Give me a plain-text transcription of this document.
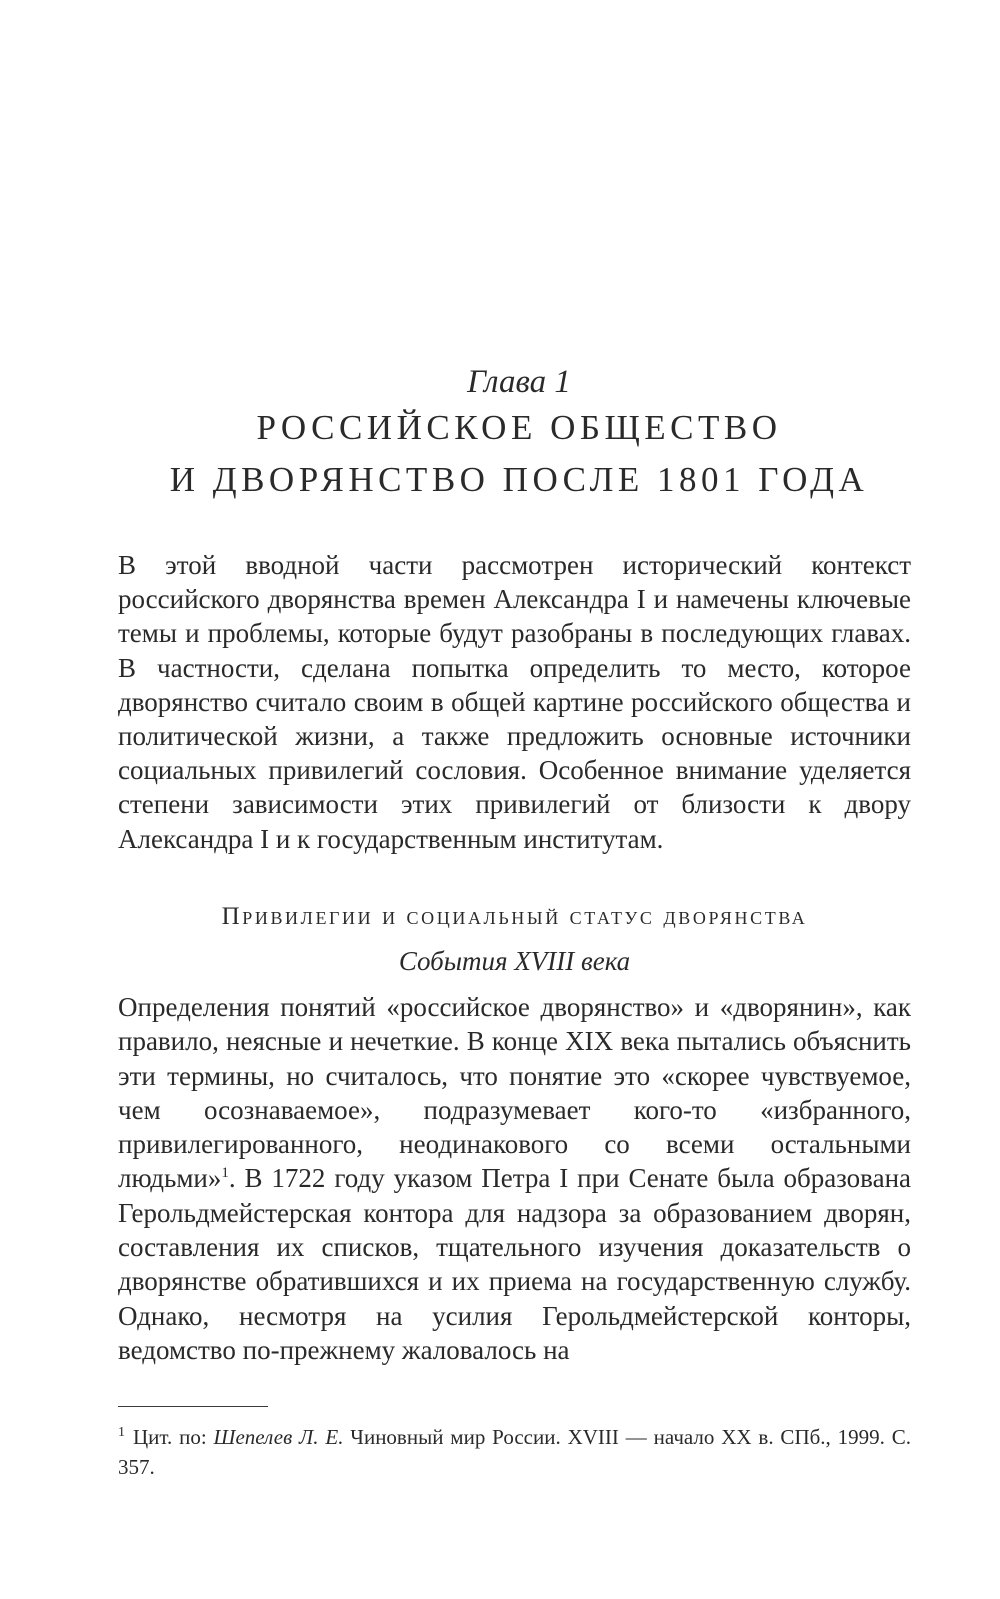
Глава 1
РОССИЙСКОЕ ОБЩЕСТВО
И ДВОРЯНСТВО ПОСЛЕ 1801 ГОДА

В этой вводной части рассмотрен исторический контекст российского дворянства времен Александра I и намечены ключевые темы и проблемы, которые будут разобраны в последующих главах. В частности, сделана попытка определить то место, которое дворянство считало своим в общей картине российского общества и политической жизни, а также предложить основные источники социальных привилегий сословия. Особенное внимание уделяется степени зависимости этих привилегий от близости к двору Александра I и к государственным институтам.

Привилегии и социальный статус дворянства
События XVIII века

Определения понятий «российское дворянство» и «дворянин», как правило, неясные и нечеткие. В конце XIX века пытались объяснить эти термины, но считалось, что понятие это «скорее чувствуемое, чем осознаваемое», подразумевает кого-то «избранного, привилегированного, неодинакового со всеми остальными людьми»$^1$. В 1722 году указом Петра I при Сенате была образована Герольдмейстерская контора для надзора за образованием дворян, составления их списков, тщательного изучения доказательств о дворянстве обратившихся и их приема на государственную службу. Однако, несмотря на усилия Герольдмейстерской конторы, ведомство по-прежнему жаловалось на

$^1$ Цит. по: Шепелев Л. Е. Чиновный мир России. XVIII — начало XX в. СПб., 1999. С. 357.
